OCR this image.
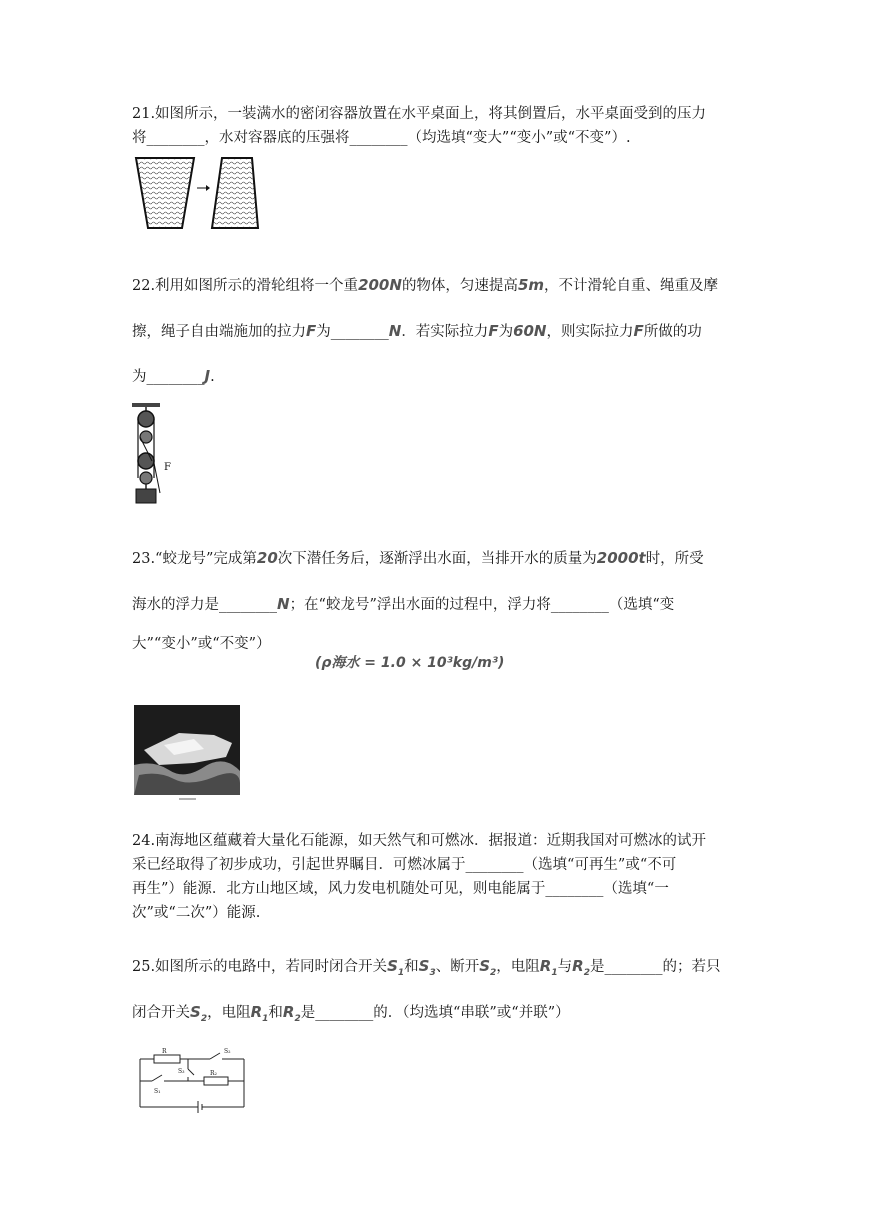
21.如图所示，一装满水的密闭容器放置在水平桌面上，将其倒置后，水平桌面受到的压力
将________，水对容器底的压强将________（均选填“变大”“变小”或“不变”）.
22.利用如图所示的滑轮组将一个重200N的物体，匀速提高5m，不计滑轮自重、绳重及摩
擦，绳子自由端施加的拉力F为________N．若实际拉力F为60N，则实际拉力F所做的功
为________J.
F
23.“蛟龙号”完成第20次下潜任务后，逐渐浮出水面，当排开水的质量为2000t时，所受
海水的浮力是________N；在“蛟龙号”浮出水面的过程中，浮力将________（选填“变
大”“变小”或“不变”）
(ρ海水 = 1.0 × 10³kg/m³)
24.南海地区蕴藏着大量化石能源，如天然气和可燃冰．据报道：近期我国对可燃冰的试开
采已经取得了初步成功，引起世界瞩目．可燃冰属于________（选填“可再生”或“不可
再生”）能源．北方山地区域，风力发电机随处可见，则电能属于________（选填“一
次”或“二次”）能源.
25.如图所示的电路中，若同时闭合开关$S_1$和$S_3$、断开$S_2$，电阻$R_1$与$R_2$是________的；若只
闭合开关$S_2$，电阻$R_1$和$R_2$是________的．（均选填“串联”或“并联”）
R	S₂
S₃	R₂
S₁
